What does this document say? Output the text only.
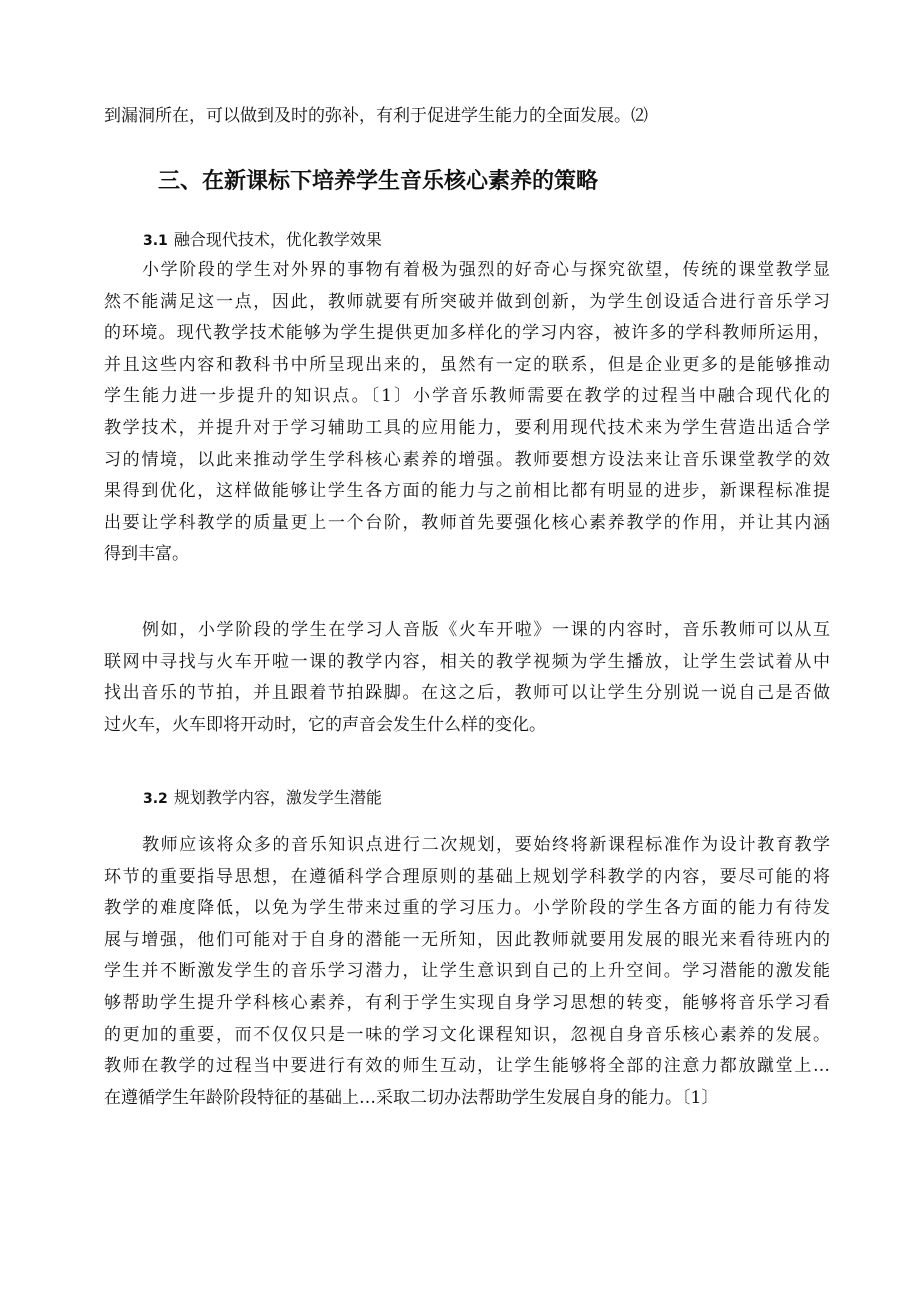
到漏洞所在，可以做到及时的弥补，有利于促进学生能力的全面发展。⑵

三、在新课标下培养学生音乐核心素养的策略

3.1 融合现代技术，优化教学效果

小学阶段的学生对外界的事物有着极为强烈的好奇心与探究欲望，传统的课堂教学显
然不能满足这一点，因此，教师就要有所突破并做到创新，为学生创设适合进行音乐学习
的环境。现代教学技术能够为学生提供更加多样化的学习内容，被许多的学科教师所运用，
并且这些内容和教科书中所呈现出来的，虽然有一定的联系，但是企业更多的是能够推动
学生能力进一步提升的知识点。〔1〕小学音乐教师需要在教学的过程当中融合现代化的
教学技术，并提升对于学习辅助工具的应用能力，要利用现代技术来为学生营造出适合学
习的情境，以此来推动学生学科核心素养的增强。教师要想方设法来让音乐课堂教学的效
果得到优化，这样做能够让学生各方面的能力与之前相比都有明显的进步，新课程标准提
出要让学科教学的质量更上一个台阶，教师首先要强化核心素养教学的作用，并让其内涵
得到丰富。
例如，小学阶段的学生在学习人音版《火车开啦》一课的内容时，音乐教师可以从互
联网中寻找与火车开啦一课的教学内容，相关的教学视频为学生播放，让学生尝试着从中
找出音乐的节拍，并且跟着节拍跺脚。在这之后，教师可以让学生分别说一说自己是否做
过火车，火车即将开动时，它的声音会发生什么样的变化。

3.2 规划教学内容，激发学生潜能

教师应该将众多的音乐知识点进行二次规划，要始终将新课程标准作为设计教育教学
环节的重要指导思想，在遵循科学合理原则的基础上规划学科教学的内容，要尽可能的将
教学的难度降低，以免为学生带来过重的学习压力。小学阶段的学生各方面的能力有待发
展与增强，他们可能对于自身的潜能一无所知，因此教师就要用发展的眼光来看待班内的
学生并不断激发学生的音乐学习潜力，让学生意识到自己的上升空间。学习潜能的激发能
够帮助学生提升学科核心素养，有利于学生实现自身学习思想的转变，能够将音乐学习看
的更加的重要，而不仅仅只是一味的学习文化课程知识，忽视自身音乐核心素养的发展。
教师在教学的过程当中要进行有效的师生互动，让学生能够将全部的注意力都放蹴堂上…
在遵循学生年龄阶段特征的基础上…采取二切办法帮助学生发展自身的能力。〔1〕
